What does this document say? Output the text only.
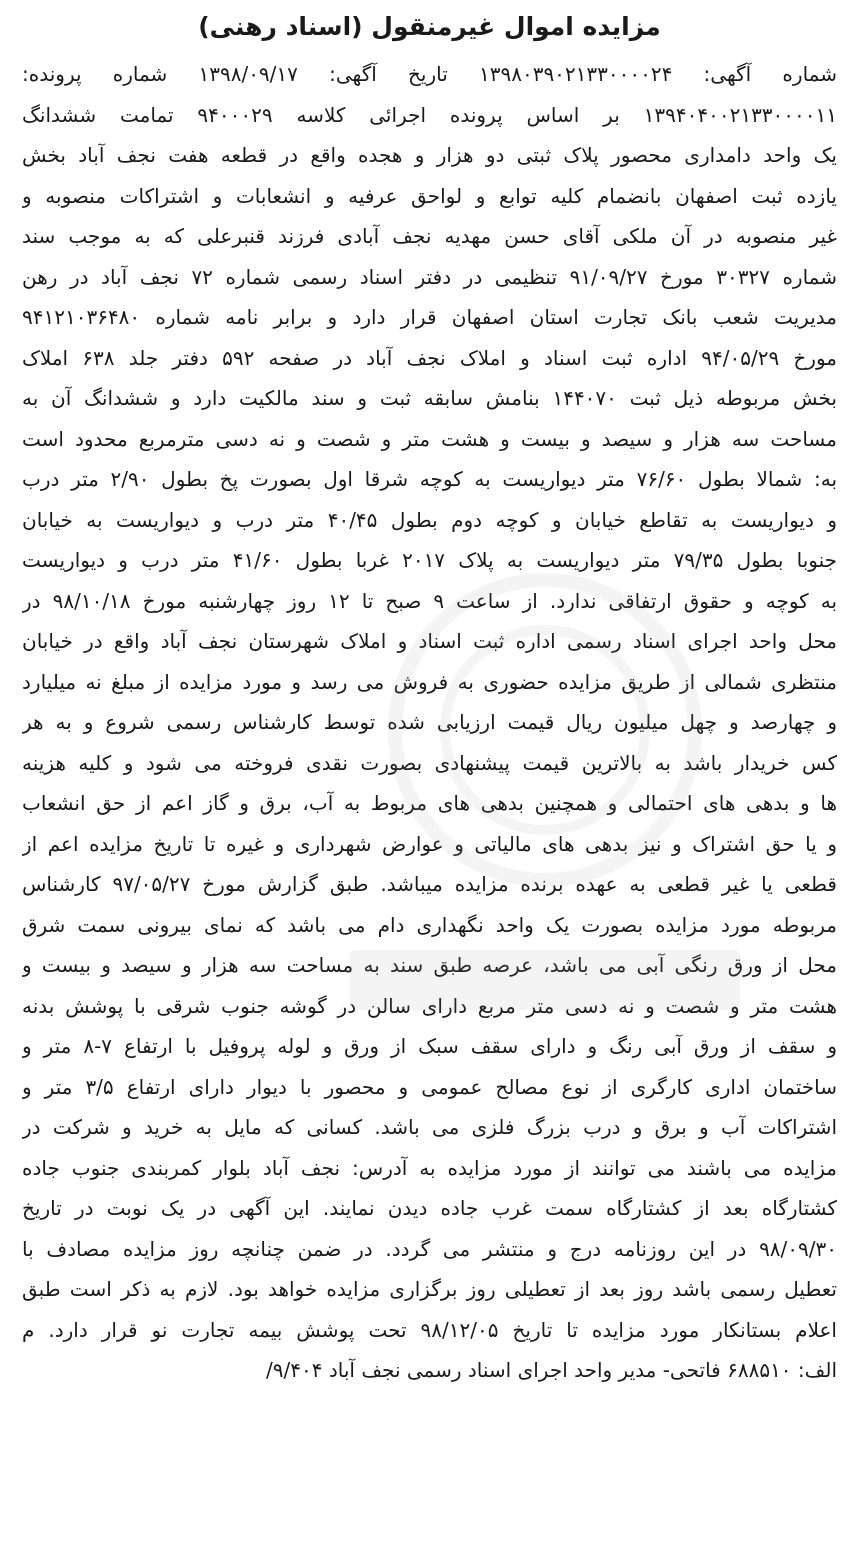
مزایده اموال غیرمنقول (اسناد رهنی)
شماره آگهی: ۱۳۹۸۰۳۹۰۲۱۳۳۰۰۰۰۲۴ تاریخ آگهی: ۱۳۹۸/۰۹/۱۷ شماره پرونده:
۱۳۹۴۰۴۰۰۲۱۳۳۰۰۰۰۱۱ بر اساس پرونده اجرائی کلاسه ۹۴۰۰۰۲۹ تمامت ششدانگ
یک واحد دامداری محصور پلاک ثبتی دو هزار و هجده واقع در قطعه هفت نجف آباد بخش
یازده ثبت اصفهان بانضمام کلیه توابع و لواحق عرفیه و انشعابات و اشتراکات منصوبه و
غیر منصوبه در آن ملکی آقای حسن مهدیه نجف آبادی فرزند قنبرعلی که به موجب سند
شماره ۳۰۳۲۷ مورخ ۹۱/۰۹/۲۷ تنظیمی در دفتر اسناد رسمی شماره ۷۲ نجف آباد در رهن
مدیریت شعب بانک تجارت استان اصفهان قرار دارد و برابر نامه شماره ۹۴۱۲۱۰۳۶۴۸۰
مورخ ۹۴/۰۵/۲۹ اداره ثبت اسناد و املاک نجف آباد در صفحه ۵۹۲ دفتر جلد ۶۳۸ املاک
بخش مربوطه ذیل ثبت ۱۴۴۰۷۰ بنامش سابقه ثبت و سند مالکیت دارد و ششدانگ آن به
مساحت سه هزار و سیصد و بیست و هشت متر و شصت و نه دسی مترمربع محدود است
به: شمالا بطول ۷۶/۶۰ متر دیواریست به کوچه شرقا اول بصورت پخ بطول ۲/۹۰ متر درب
و دیواریست به تقاطع خیابان و کوچه دوم بطول ۴۰/۴۵ متر درب و دیواریست به خیابان
جنوبا بطول ۷۹/۳۵ متر دیواریست به پلاک ۲۰۱۷ غربا بطول ۴۱/۶۰ متر درب و دیواریست
به کوچه و حقوق ارتفاقی ندارد. از ساعت ۹ صبح تا ۱۲ روز چهارشنبه مورخ ۹۸/۱۰/۱۸ در
محل واحد اجرای اسناد رسمی اداره ثبت اسناد و املاک شهرستان نجف آباد واقع در خیابان
منتظری شمالی از طریق مزایده حضوری به فروش می رسد و مورد مزایده از مبلغ نه میلیارد
و چهارصد و چهل میلیون ریال قیمت ارزیابی شده توسط کارشناس رسمی شروع و به هر
کس خریدار باشد به بالاترین قیمت پیشنهادی بصورت نقدی فروخته می شود و کلیه هزینه
ها و بدهی های احتمالی و همچنین بدهی های مربوط به آب، برق و گاز اعم از حق انشعاب
و یا حق اشتراک و نیز بدهی های مالیاتی و عوارض شهرداری و غیره تا تاریخ مزایده اعم از
قطعی یا غیر قطعی به عهده برنده مزایده میباشد. طبق گزارش مورخ ۹۷/۰۵/۲۷ کارشناس
مربوطه مورد مزایده بصورت یک واحد نگهداری دام می باشد که نمای بیرونی سمت شرق
محل از ورق رنگی آبی می باشد، عرصه طبق سند به مساحت سه هزار و سیصد و بیست و
هشت متر و شصت و نه دسی متر مربع دارای سالن در گوشه جنوب شرقی با پوشش بدنه
و سقف از ورق آبی رنگ و دارای سقف سبک از ورق و لوله پروفیل با ارتفاع ۷-۸ متر و
ساختمان اداری کارگری از نوع مصالح عمومی و محصور با دیوار دارای ارتفاع ۳/۵ متر و
اشتراکات آب و برق و درب بزرگ فلزی می باشد. کسانی که مایل به خرید و شرکت در
مزایده می باشند می توانند از مورد مزایده به آدرس: نجف آباد بلوار کمربندی جنوب جاده
کشتارگاه بعد از کشتارگاه سمت غرب جاده دیدن نمایند. این آگهی در یک نوبت در تاریخ
۹۸/۰۹/۳۰ در این روزنامه درج و منتشر می گردد. در ضمن چنانچه روز مزایده مصادف با
تعطیل رسمی باشد روز بعد از تعطیلی روز برگزاری مزایده خواهد بود. لازم به ذکر است طبق
اعلام بستانکار مورد مزایده تا تاریخ ۹۸/۱۲/۰۵ تحت پوشش بیمه تجارت نو قرار دارد. م
الف: ۶۸۸۵۱۰ فاتحی- مدیر واحد اجرای اسناد رسمی نجف آباد ۹/۴۰۴/
